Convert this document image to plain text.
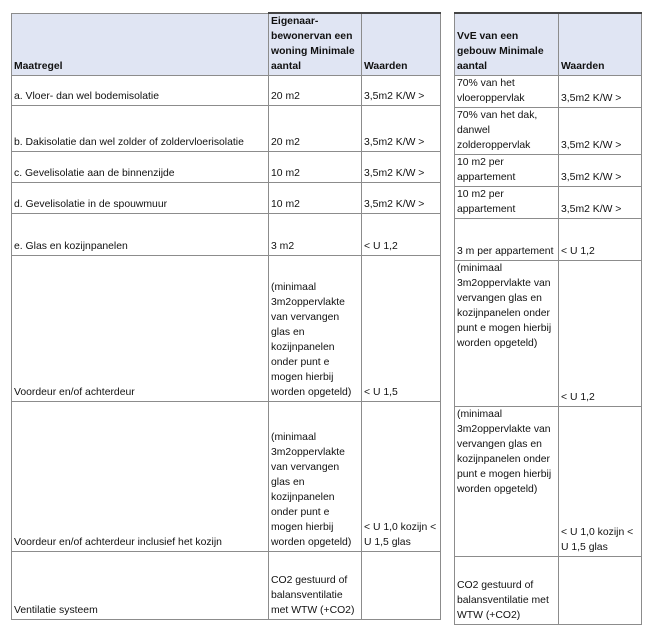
Maatregel	Eigenaar-bewonervan een woning Minimale aantal	Waarden
a. Vloer- dan wel bodemisolatie	20 m2	3,5m2 K/W >
b. Dakisolatie dan wel zolder of zoldervloerisolatie	20 m2	3,5m2 K/W >
c. Gevelisolatie aan de binnenzijde	10 m2	3,5m2 K/W >
d. Gevelisolatie in de spouwmuur	10 m2	3,5m2 K/W >
e. Glas en kozijnpanelen	3 m2	< U 1,2
Voordeur en/of achterdeur	(minimaal 3m2oppervlakte van vervangen glas en kozijnpanelen onder punt e mogen hierbij worden opgeteld)	< U 1,5
Voordeur en/of achterdeur inclusief het kozijn	(minimaal 3m2oppervlakte van vervangen glas en kozijnpanelen onder punt e mogen hierbij worden opgeteld)	< U 1,0 kozijn < U 1,5 glas
Ventilatie systeem	CO2 gestuurd of balansventilatie met WTW (+CO2)	
VvE van een gebouw Minimale aantal	Waarden
70% van het vloeroppervlak	3,5m2 K/W >
70% van het dak, danwel zolderoppervlak	3,5m2 K/W >
10 m2 per appartement	3,5m2 K/W >
10 m2 per appartement	3,5m2 K/W >
3 m per appartement	< U 1,2
(minimaal 3m2oppervlakte van vervangen glas en kozijnpanelen onder punt e mogen hierbij worden opgeteld)	< U 1,2
(minimaal 3m2oppervlakte van vervangen glas en kozijnpanelen onder punt e mogen hierbij worden opgeteld)	< U 1,0 kozijn < U 1,5 glas
CO2 gestuurd of balansventilatie met WTW (+CO2)	
